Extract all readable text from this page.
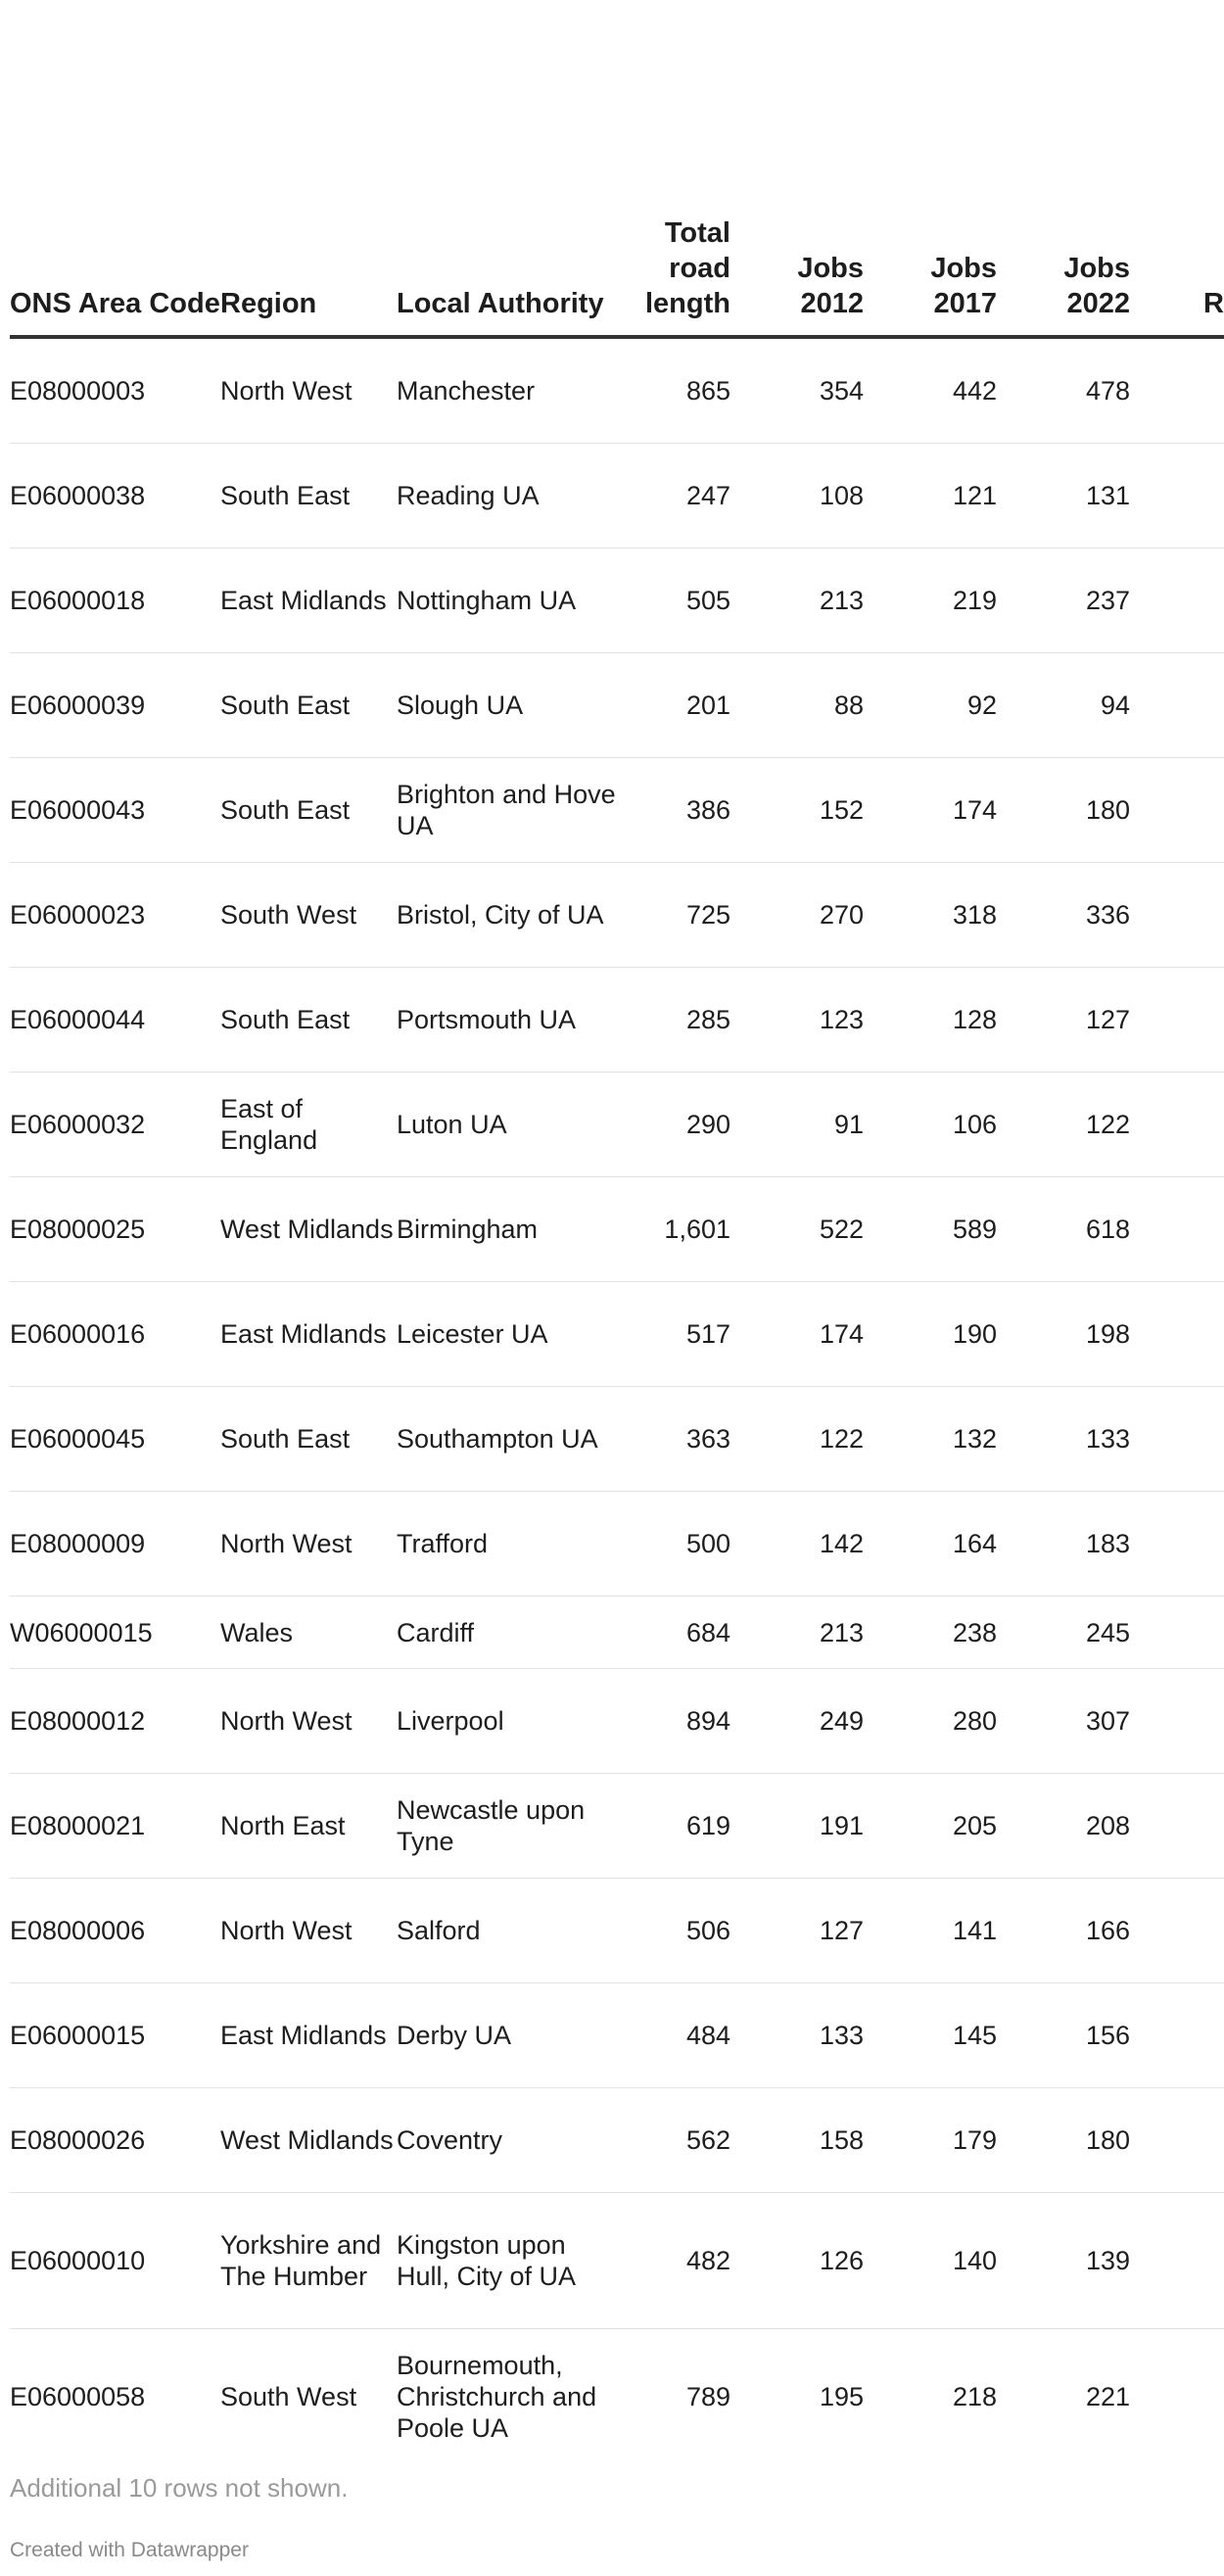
ONS Area Code	Region	Local Authority	Total road length	Jobs 2012	Jobs 2017	Jobs 2022	R
E08000003	North West	Manchester	865	354	442	478	
E06000038	South East	Reading UA	247	108	121	131	
E06000018	East Midlands	Nottingham UA	505	213	219	237	
E06000039	South East	Slough UA	201	88	92	94	
E06000043	South East	Brighton and Hove UA	386	152	174	180	
E06000023	South West	Bristol, City of UA	725	270	318	336	
E06000044	South East	Portsmouth UA	285	123	128	127	
E06000032	East of England	Luton UA	290	91	106	122	
E08000025	West Midlands	Birmingham	1,601	522	589	618	
E06000016	East Midlands	Leicester UA	517	174	190	198	
E06000045	South East	Southampton UA	363	122	132	133	
E08000009	North West	Trafford	500	142	164	183	
W06000015	Wales	Cardiff	684	213	238	245	
E08000012	North West	Liverpool	894	249	280	307	
E08000021	North East	Newcastle upon Tyne	619	191	205	208	
E08000006	North West	Salford	506	127	141	166	
E06000015	East Midlands	Derby UA	484	133	145	156	
E08000026	West Midlands	Coventry	562	158	179	180	
E06000010	Yorkshire and The Humber	Kingston upon Hull, City of UA	482	126	140	139	
E06000058	South West	Bournemouth, Christchurch and Poole UA	789	195	218	221	
Additional 10 rows not shown.
Created with Datawrapper
